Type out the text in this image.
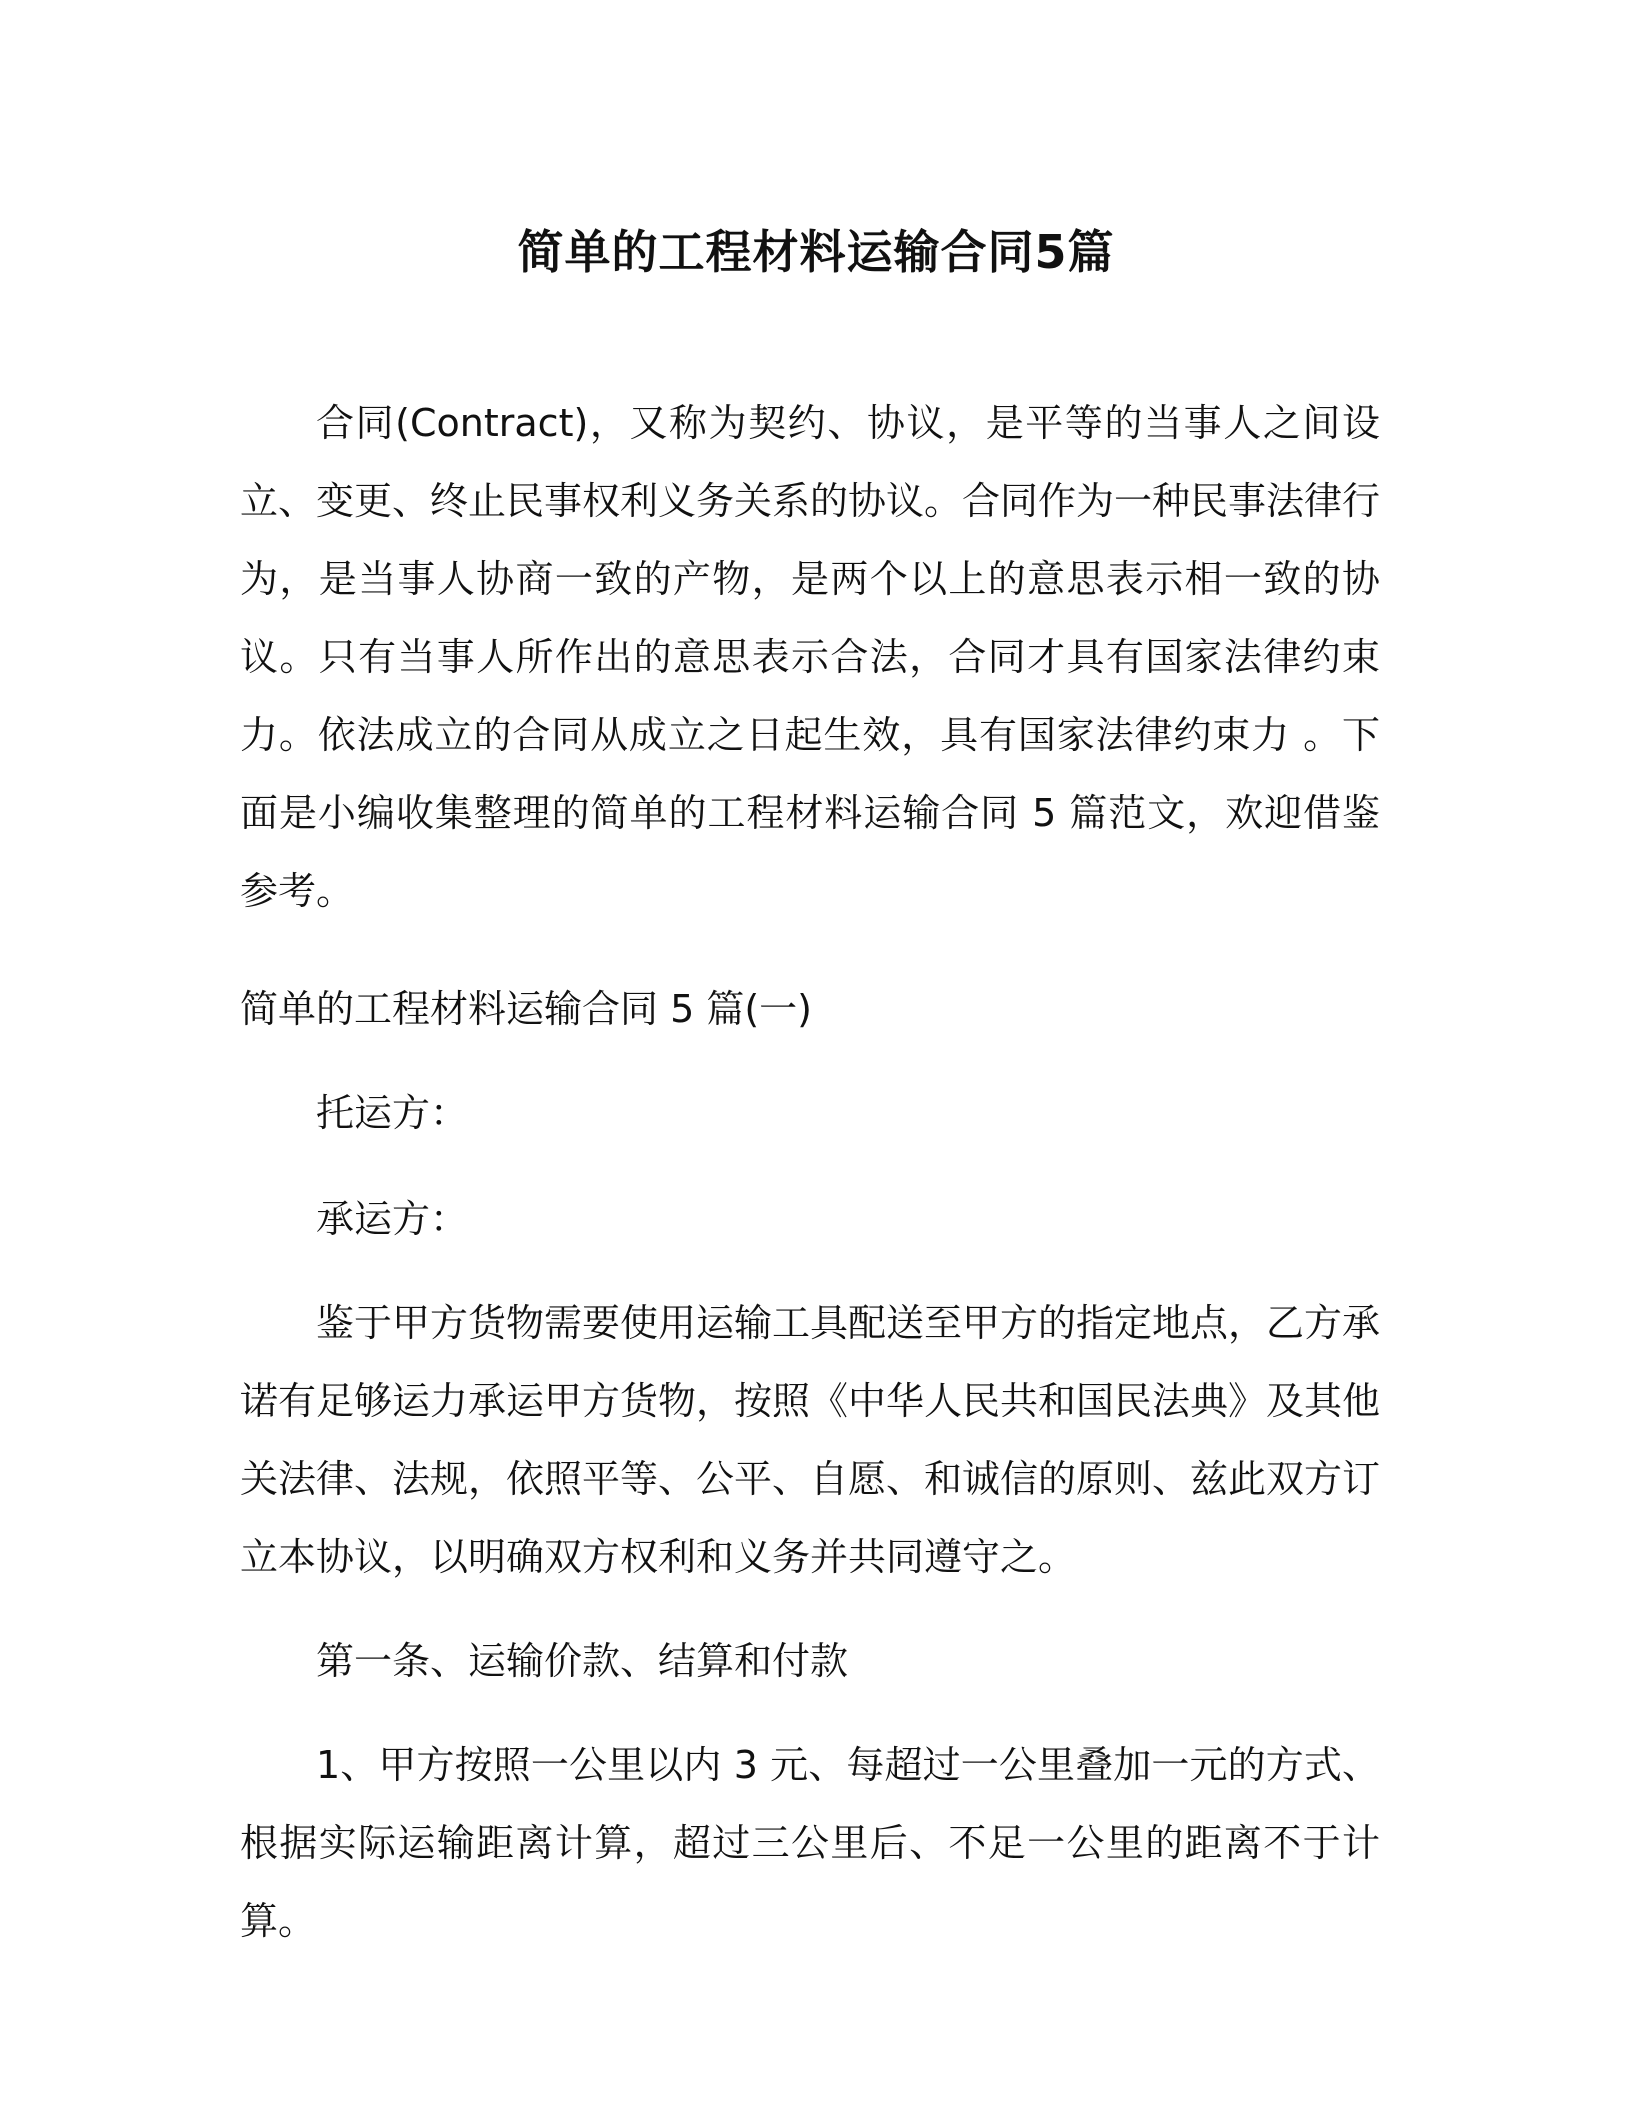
简单的工程材料运输合同5篇

合同(Contract)，又称为契约、协议，是平等的当事人之间设立、变更、终止民事权利义务关系的协议。合同作为一种民事法律行为，是当事人协商一致的产物，是两个以上的意思表示相一致的协议。只有当事人所作出的意思表示合法，合同才具有国家法律约束力。依法成立的合同从成立之日起生效，具有国家法律约束力 。下面是小编收集整理的简单的工程材料运输合同 5 篇范文，欢迎借鉴参考。

简单的工程材料运输合同 5 篇(一)

托运方：

承运方：

鉴于甲方货物需要使用运输工具配送至甲方的指定地点，乙方承诺有足够运力承运甲方货物，按照《中华人民共和国民法典》及其他关法律、法规，依照平等、公平、自愿、和诚信的原则、兹此双方订立本协议，以明确双方权利和义务并共同遵守之。

第一条、运输价款、结算和付款

1、甲方按照一公里以内 3 元、每超过一公里叠加一元的方式、根据实际运输距离计算，超过三公里后、不足一公里的距离不于计算。
